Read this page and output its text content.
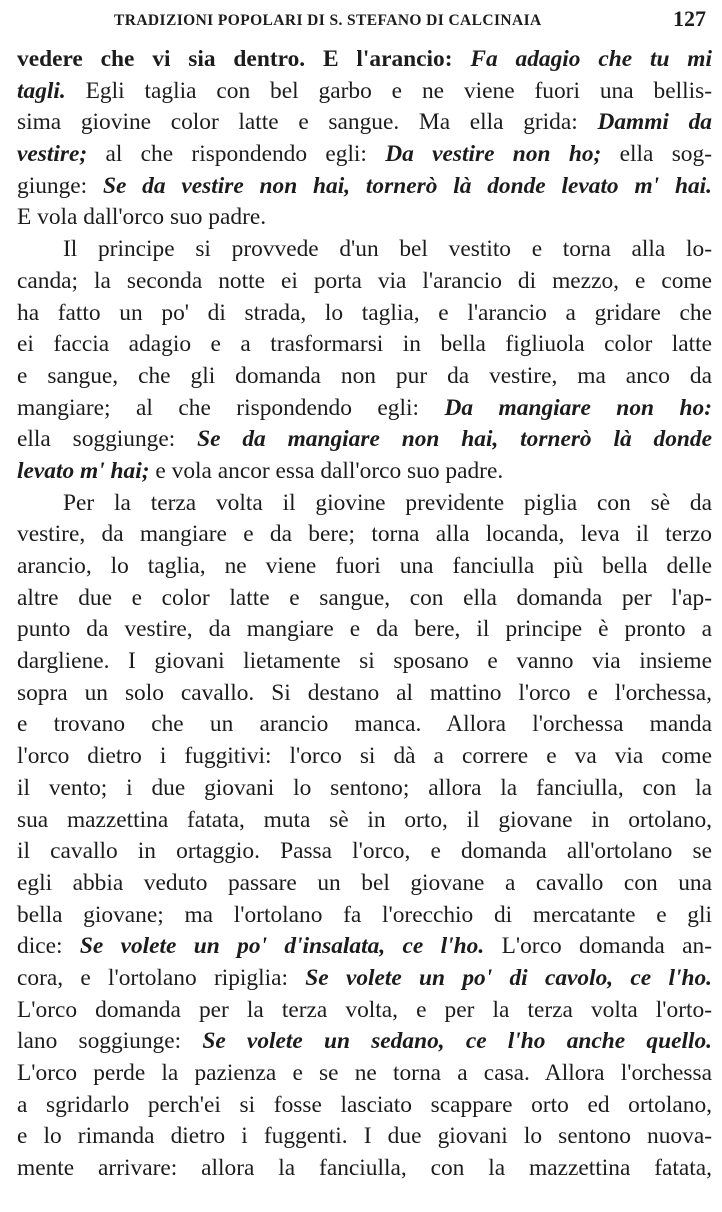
TRADIZIONI POPOLARI DI S. STEFANO DI CALCINAIA	127
vedere che vi sia dentro. E l'arancio: Fa adagio che tu mi
tagli. Egli taglia con bel garbo e ne viene fuori una bellis-
sima giovine color latte e sangue. Ma ella grida: Dammi da
vestire; al che rispondendo egli: Da vestire non ho; ella sog-
giunge: Se da vestire non hai, tornerò là donde levato m' hai.
E vola dall'orco suo padre.
Il principe si provvede d'un bel vestito e torna alla lo-
canda; la seconda notte ei porta via l'arancio di mezzo, e come
ha fatto un po' di strada, lo taglia, e l'arancio a gridare che
ei faccia adagio e a trasformarsi in bella figliuola color latte
e sangue, che gli domanda non pur da vestire, ma anco da
mangiare; al che rispondendo egli: Da mangiare non ho:
ella soggiunge: Se da mangiare non hai, tornerò là donde
levato m' hai; e vola ancor essa dall'orco suo padre.
Per la terza volta il giovine previdente piglia con sè da
vestire, da mangiare e da bere; torna alla locanda, leva il terzo
arancio, lo taglia, ne viene fuori una fanciulla più bella delle
altre due e color latte e sangue, con ella domanda per l'ap-
punto da vestire, da mangiare e da bere, il principe è pronto a
dargliene. I giovani lietamente si sposano e vanno via insieme
sopra un solo cavallo. Si destano al mattino l'orco e l'orchessa,
e trovano che un arancio manca. Allora l'orchessa manda
l'orco dietro i fuggitivi: l'orco si dà a correre e va via come
il vento; i due giovani lo sentono; allora la fanciulla, con la
sua mazzettina fatata, muta sè in orto, il giovane in ortolano,
il cavallo in ortaggio. Passa l'orco, e domanda all'ortolano se
egli abbia veduto passare un bel giovane a cavallo con una
bella giovane; ma l'ortolano fa l'orecchio di mercatante e gli
dice: Se volete un po' d'insalata, ce l'ho. L'orco domanda an-
cora, e l'ortolano ripiglia: Se volete un po' di cavolo, ce l'ho.
L'orco domanda per la terza volta, e per la terza volta l'orto-
lano soggiunge: Se volete un sedano, ce l'ho anche quello.
L'orco perde la pazienza e se ne torna a casa. Allora l'orchessa
a sgridarlo perch'ei si fosse lasciato scappare orto ed ortolano,
e lo rimanda dietro i fuggenti. I due giovani lo sentono nuova-
mente arrivare: allora la fanciulla, con la mazzettina fatata,
